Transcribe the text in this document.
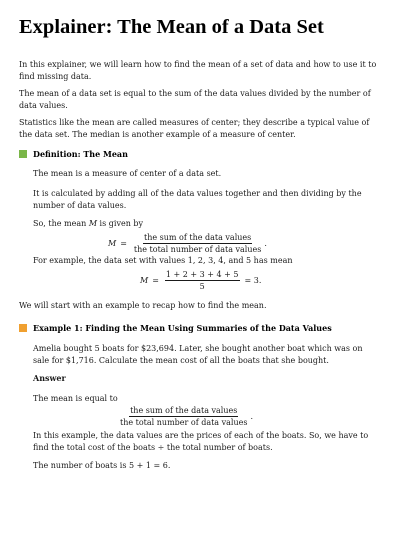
Explainer: The Mean of a Data Set
In this explainer, we will learn how to find the mean of a set of data and how to use it to find missing data.
The mean of a data set is equal to the sum of the data values divided by the number of data values.
Statistics like the mean are called measures of center; they describe a typical value of the data set. The median is another example of a measure of center.
Definition: The Mean
The mean is a measure of center of a data set.
It is calculated by adding all of the data values together and then dividing by the number of data values.
So, the mean M is given by
$M = \frac{\text{the sum of the data values}}{\text{the total number of data values}}$ .
For example, the data set with values 1, 2, 3, 4, and 5 has mean
$M = \frac{1 + 2 + 3 + 4 + 5}{5} = 3$.
We will start with an example to recap how to find the mean.
Example 1: Finding the Mean Using Summaries of the Data Values
Amelia bought 5 boats for $23,694. Later, she bought another boat which was on sale for $1,716. Calculate the mean cost of all the boats that she bought.
Answer
The mean is equal to
$\frac{\text{the sum of the data values}}{\text{the total number of data values}}$ .
In this example, the data values are the prices of each of the boats. So, we have to find the total cost of the boats ÷ the total number of boats.
The number of boats is 5 + 1 = 6.
